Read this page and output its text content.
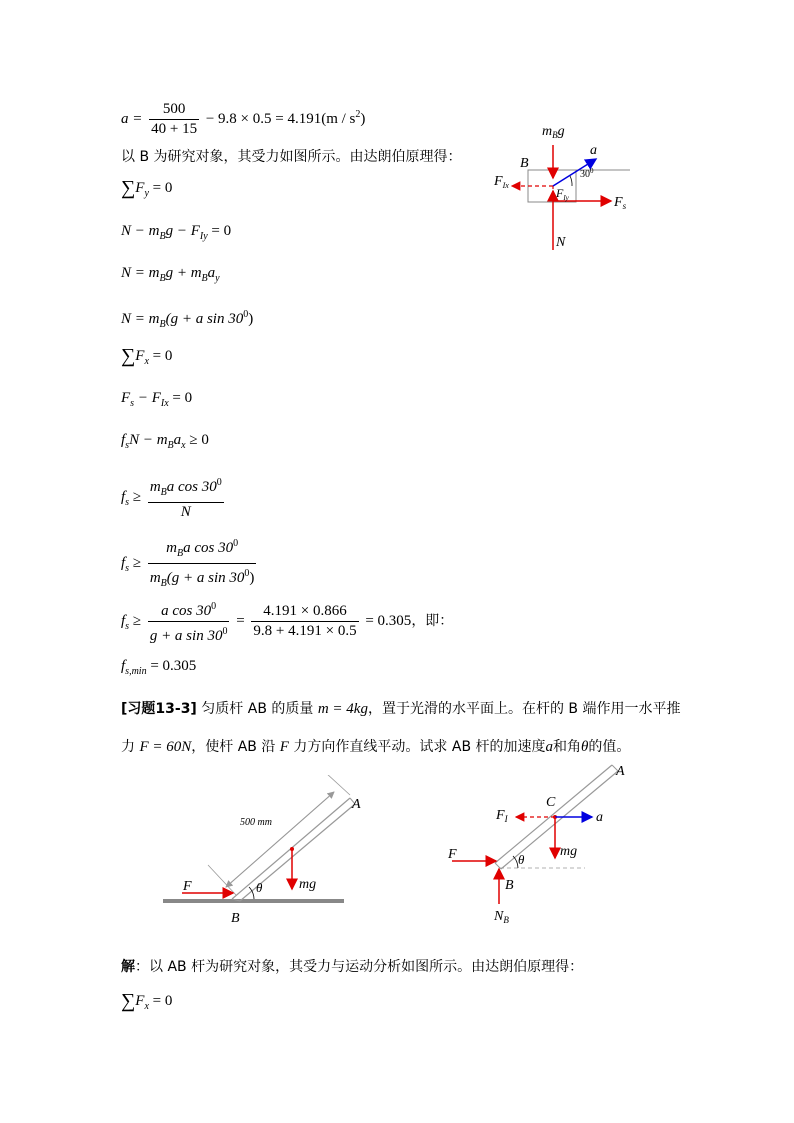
$a = \frac{500}{40 + 15} - 9.8 \times 0.5 = 4.191(m / s^2)$
以 B 为研究对象，其受力如图所示。由达朗伯原理得：
$\sum F_y = 0$
$N - m_Bg - F_{Iy} = 0$
$N = m_Bg + m_Ba_y$
$N = m_B(g + a$ $\sin 30^0$)
$\sum F_x = 0$
$F_s - F_{Ix} = 0$
$f_sN - m_Ba_x \ge 0$
$f_s \ge \frac{m_Ba \cos 30^0}{N}$
$f_s \ge \frac{m_Ba \cos 30^0}{m_B(g + a \sin 30^0)}$
$f_s \ge \frac{a \cos 30^0}{g + a \sin 30^0} = \frac{4.191 \times 0.866}{9.8 + 4.191 \times 0.5} = 0.305$，即：
$f_{s,min} = 0.305$
[习题13-3] 匀质杆 AB 的质量 m = 4kg，置于光滑的水平面上。在杆的 B 端作用一水平推
力 F = 60N，使杆 AB 沿 F 力方向作直线平动。试求 AB 杆的加速度a和角θ的值。
解：以 AB 杆为研究对象，其受力与运动分析如图所示。由达朗伯原理得：
$\sum F_x = 0$
$m_Bg$
a
$30^0$
B
$F_{Ix}$
$F_{Iy}$	$F_s$
N
500 mm
A
B
F	mg
θ
A
C
$F_I$	a
F	mg
θ
B
$N_B$
